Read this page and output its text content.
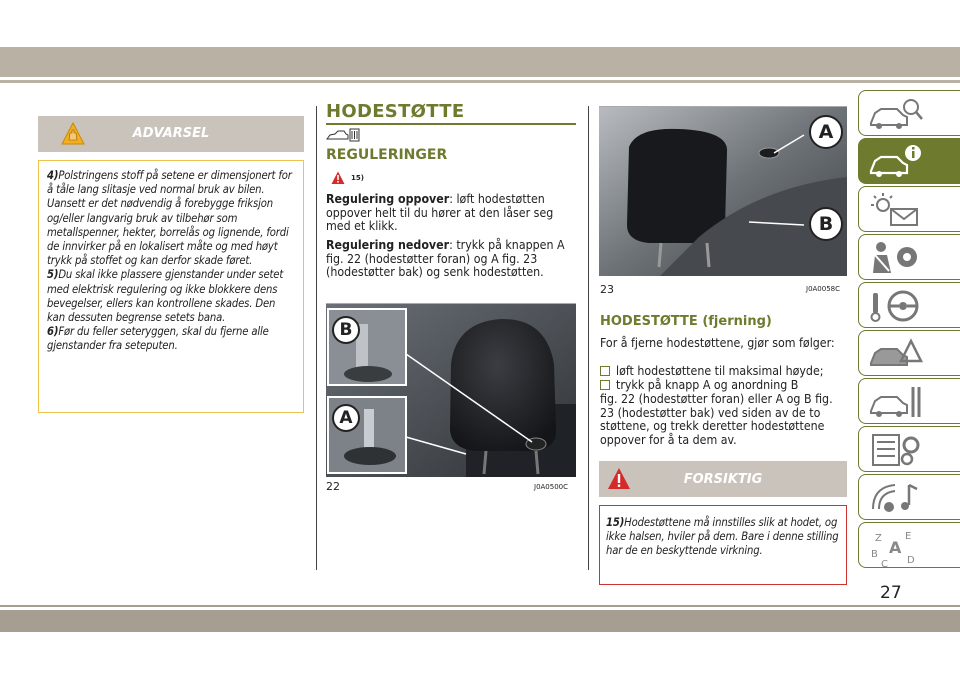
ADVARSEL

4)Polstringens stoff på setene er dimensjonert for å tåle lang slitasje ved normal bruk av bilen. Uansett er det nødvendig å forebygge friksjon og/eller langvarig bruk av tilbehør som metallspenner, hekter, borrelås og lignende, fordi de innvirker på en lokalisert måte og med høyt trykk på stoffet og kan derfor skade føret.

5)Du skal ikke plassere gjenstander under setet med elektrisk regulering og ikke blokkere dens bevegelser, ellers kan kontrollene skades. Den kan dessuten begrense setets bana.

6)Før du feller seteryggen, skal du fjerne alle gjenstander fra seteputen.

HODESTØTTE
REGULERINGER
15)
Regulering oppover: løft hodestøtten oppover helt til du hører at den låser seg med et klikk.
Regulering nedover: trykk på knappen A fig. 22 (hodestøtter foran) og A fig. 23 (hodestøtter bak) og senk hodestøtten.
B
A
22	J0A0500C
A
B
23	J0A0058C
HODESTØTTE (fjerning)
For å fjerne hodestøttene, gjør som følger:
løft hodestøttene til maksimal høyde;
trykk på knapp A og anordning B
fig. 22 (hodestøtter foran) eller A og B fig. 23 (hodestøtter bak) ved siden av de to støttene, og trekk deretter hodestøttene oppover for å ta dem av.
FORSIKTIG

15)Hodestøttene må innstilles slik at hodet, og ikke halsen, hviler på dem. Bare i denne stilling har de en beskyttende virkning.

Z E
A
B
C D
27
